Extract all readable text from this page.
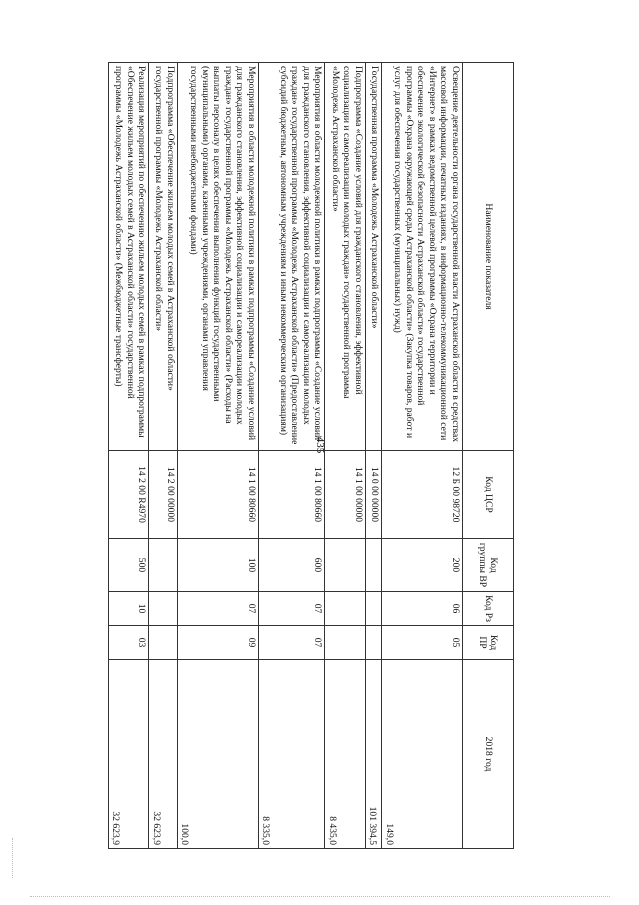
435
Наименование показателя	Код ЦСР	Код группы ВР	Код Рз	Код ПР	2018 год
Освещение деятельности органа государственной власти Астраханской области в средствах массовой информации, печатных изданиях, в информационно-телекоммуникационной сети «Интернет» в рамках ведомственной целевой программы «Охрана территории и обеспечение экологической безопасности Астраханской области» государственной программы «Охрана окружающей среды Астраханской области» (Закупка товаров, работ и услуг для обеспечения государственных (муниципальных) нужд)	12 Б 00 98720	200	06	05	149,0
Государственная программа «Молодежь Астраханской области»	14 0 00 00000				101 394,5
Подпрограмма «Создание условий для гражданского становления, эффективной социализации и самореализации молодых граждан» государственной программы «Молодежь Астраханской области»	14 1 00 00000				8 435,0
Мероприятия в области молодежной политики в рамках подпрограммы «Создание условий для гражданского становления, эффективной социализации и самореализации молодых граждан» государственной программы «Молодежь Астраханской области» (Предоставление субсидий бюджетным, автономным учреждениям и иным некоммерческим организациям)	14 1 00 80660	600	07	07	8 335,0
Мероприятия в области молодежной политики в рамках подпрограммы «Создание условий для гражданского становления, эффективной социализации и самореализации молодых граждан» государственной программы «Молодежь Астраханской области» (Расходы на выплаты персоналу в целях обеспечения выполнения функций государственными (муниципальными) органами, казенными учреждениями, органами управления государственными внебюджетными фондами)	14 1 00 80660	100	07	09	100,0
Подпрограмма «Обеспечение жильем молодых семей в Астраханской области» государственной программы «Молодежь Астраханской области»	14 2 00 00000				32 623,9
Реализация мероприятий по обеспечению жильем молодых семей в рамках подпрограммы «Обеспечение жильем молодых семей в Астраханской области» государственной программы «Молодежь Астраханской области» (Межбюджетные трансферты)	14 2 00 R4970	500	10	03	32 623,9
